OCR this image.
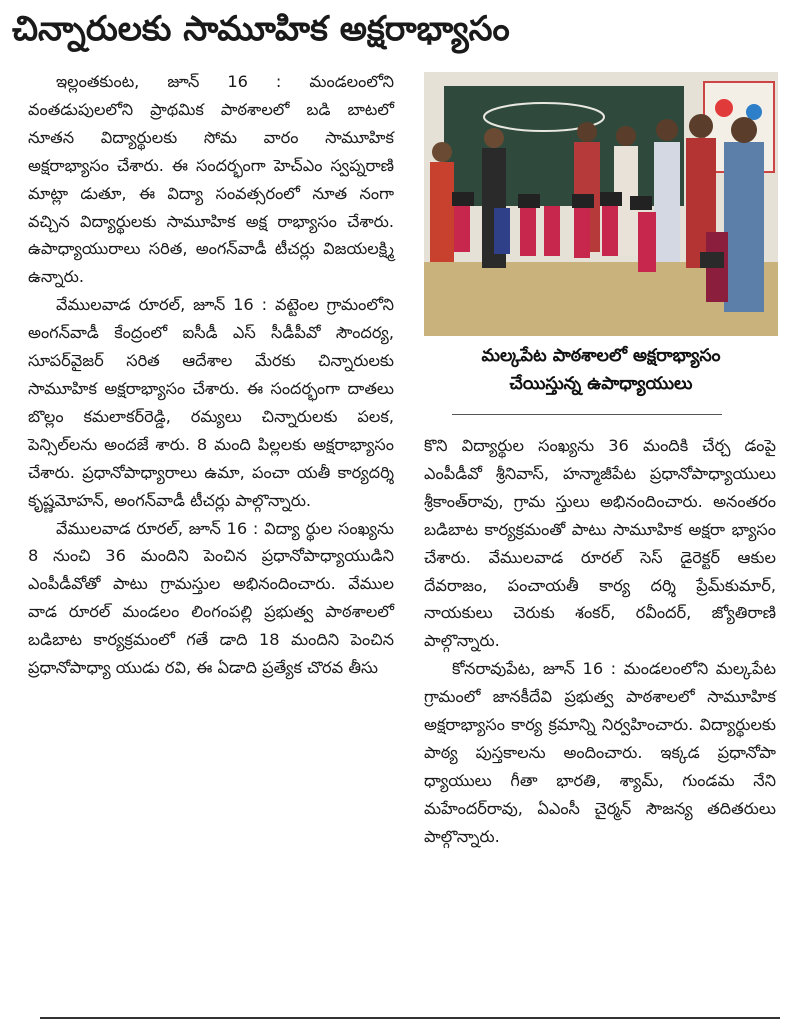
చిన్నారులకు సామూహిక అక్షరాభ్యాసం

ఇల్లంతకుంట, జూన్ 16 : మండలంలోని వంతడుపులలోని ప్రాథమిక పాఠశాలలో బడి బాటలో నూతన విద్యార్థులకు సోమ వారం సామూహిక అక్షరాభ్యాసం చేశారు. ఈ సందర్భంగా హెచ్ఎం స్వప్నరాణి మాట్లా డుతూ, ఈ విద్యా సంవత్సరంలో నూత నంగా వచ్చిన విద్యార్థులకు సామూహిక అక్ష రాభ్యాసం చేశారు. ఉపాధ్యాయురాలు సరిత, అంగన్‌వాడీ టీచర్లు విజయలక్ష్మి ఉన్నారు.

వేములవాడ రూరల్, జూన్ 16 : వట్టెంల గ్రామంలోని అంగన్‌వాడీ కేంద్రంలో ఐసీడీ ఎస్ సీడీపీవో సౌందర్య, సూపర్‌వైజర్ సరిత ఆదేశాల మేరకు చిన్నారులకు సామూహిక అక్షరాభ్యాసం చేశారు. ఈ సందర్భంగా దాతలు బొల్లం కమలాకర్‌రెడ్డి, రమ్యలు చిన్నారులకు పలక, పెన్సిల్‌లను అందజే శారు. 8 మంది పిల్లలకు అక్షరాభ్యాసం చేశారు. ప్రధానోపాధ్యారాలు ఉమా, పంచా యతీ కార్యదర్శి కృష్ణమోహన్, అంగన్‌వాడీ టీచర్లు పాల్గొన్నారు.

వేములవాడ రూరల్, జూన్ 16 : విద్యా ర్థుల సంఖ్యను 8 నుంచి 36 మందిని పెంచిన ప్రధానోపాధ్యాయుడిని ఎంపీడీవోతో పాటు గ్రామస్తుల అభినందించారు. వేముల వాడ రూరల్ మండలం లింగంపల్లి ప్రభుత్వ పాఠశాలలో బడిబాట కార్యక్రమంలో గతే డాది 18 మందిని పెంచిన ప్రధానోపాధ్యా యుడు రవి, ఈ ఏడాది ప్రత్యేక చొరవ తీసు

మల్కపేట పాఠశాలలో అక్షరాభ్యాసం
చేయిస్తున్న ఉపాధ్యాయులు

కొని విద్యార్థుల సంఖ్యను 36 మందికి చేర్చ డంపై ఎంపీడీవో శ్రీనివాస్, హన్మాజీపేట ప్రధానోపాధ్యాయులు శ్రీకాంత్‌రావు, గ్రామ స్తులు అభినందించారు. అనంతరం బడిబాట కార్యక్రమంతో పాటు సామూహిక అక్షరా భ్యాసం చేశారు. వేములవాడ రూరల్ సెస్ డైరెక్టర్ ఆకుల దేవరాజం, పంచాయతీ కార్య దర్శి ప్రేమ్‌కుమార్, నాయకులు చెరుకు శంకర్, రవీందర్, జ్యోతిరాణి పాల్గొన్నారు.

కోనరావుపేట, జూన్ 16 : మండలంలోని మల్కపేట గ్రామంలో జానకీదేవి ప్రభుత్వ పాఠశాలలో సామూహిక అక్షరాభ్యాసం కార్య క్రమాన్ని నిర్వహించారు. విద్యార్థులకు పాఠ్య పుస్తకాలను అందించారు. ఇక్కడ ప్రధానోపా ధ్యాయులు గీతా భారతి, శ్యామ్, గుండమ నేని మహేందర్‌రావు, ఏఎంసీ చైర్మన్ సౌజన్య తదితరులు పాల్గొన్నారు.
